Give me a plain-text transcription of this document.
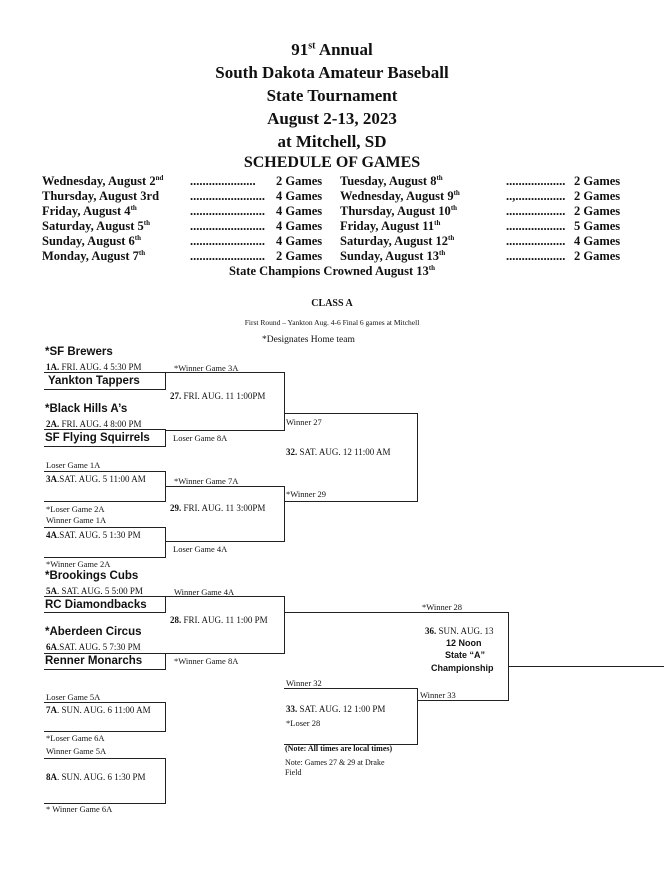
91st Annual
South Dakota Amateur Baseball
State Tournament
August 2-13, 2023
at Mitchell, SD
SCHEDULE OF GAMES
Wednesday, August 2nd ..................... 2 Games
Thursday, August 3rd ........................ 4 Games
Friday, August 4th	........................ 4 Games
Saturday, August 5th	........................ 4 Games
Sunday, August 6th	........................ 4 Games
Monday, August 7th	........................ 2 Games
Tuesday, August 8th	................... 2 Games
Wednesday, August 9th	..,................ 2 Games
Thursday, August 10th	................... 2 Games
Friday, August 11th	................... 5 Games
Saturday, August 12th	................... 4 Games
Sunday, August 13th	................... 2 Games
State Champions Crowned August 13th
CLASS A
First Round – Yankton Aug. 4-6 Final 6 games at Mitchell
*Designates Home team
*SF Brewers
Yankton Tappers
*Black Hills A’s
SF Flying Squirrels
*Brookings Cubs
RC Diamondbacks
*Aberdeen Circus
Renner Monarchs
1A. FRI. AUG. 4 5:30 PM
2A. FRI. AUG. 4 8:00 PM
3A.SAT. AUG. 5 11:00 AM
4A.SAT. AUG. 5 1:30 PM
5A. SAT. AUG. 5 5:00 PM
6A.SAT. AUG. 5 7:30 PM
7A. SUN. AUG. 6 11:00 AM
8A. SUN. AUG. 6 1:30 PM
27. FRI. AUG. 11 1:00PM
29. FRI. AUG. 11 3:00PM
28. FRI. AUG. 11 1:00 PM
32. SAT. AUG. 12 11:00 AM
33. SAT. AUG. 12 1:00 PM
36. SUN. AUG. 13
12 Noon
State “A”
Championship
*Winner Game 3A
Loser Game 8A
Winner 27
Loser Game 1A
*Winner Game 7A
*Winner 29
*Loser Game 2A
Winner Game 1A
Loser Game 4A
*Winner Game 2A
Winner Game 4A
*Winner 28
*Winner Game 8A
Winner 32
Winner 33
Loser Game 5A
*Loser 28
*Loser Game 6A
Winner Game 5A
* Winner Game 6A
(Note: All times are local times)
Note: Games 27 & 29 at Drake
Field
